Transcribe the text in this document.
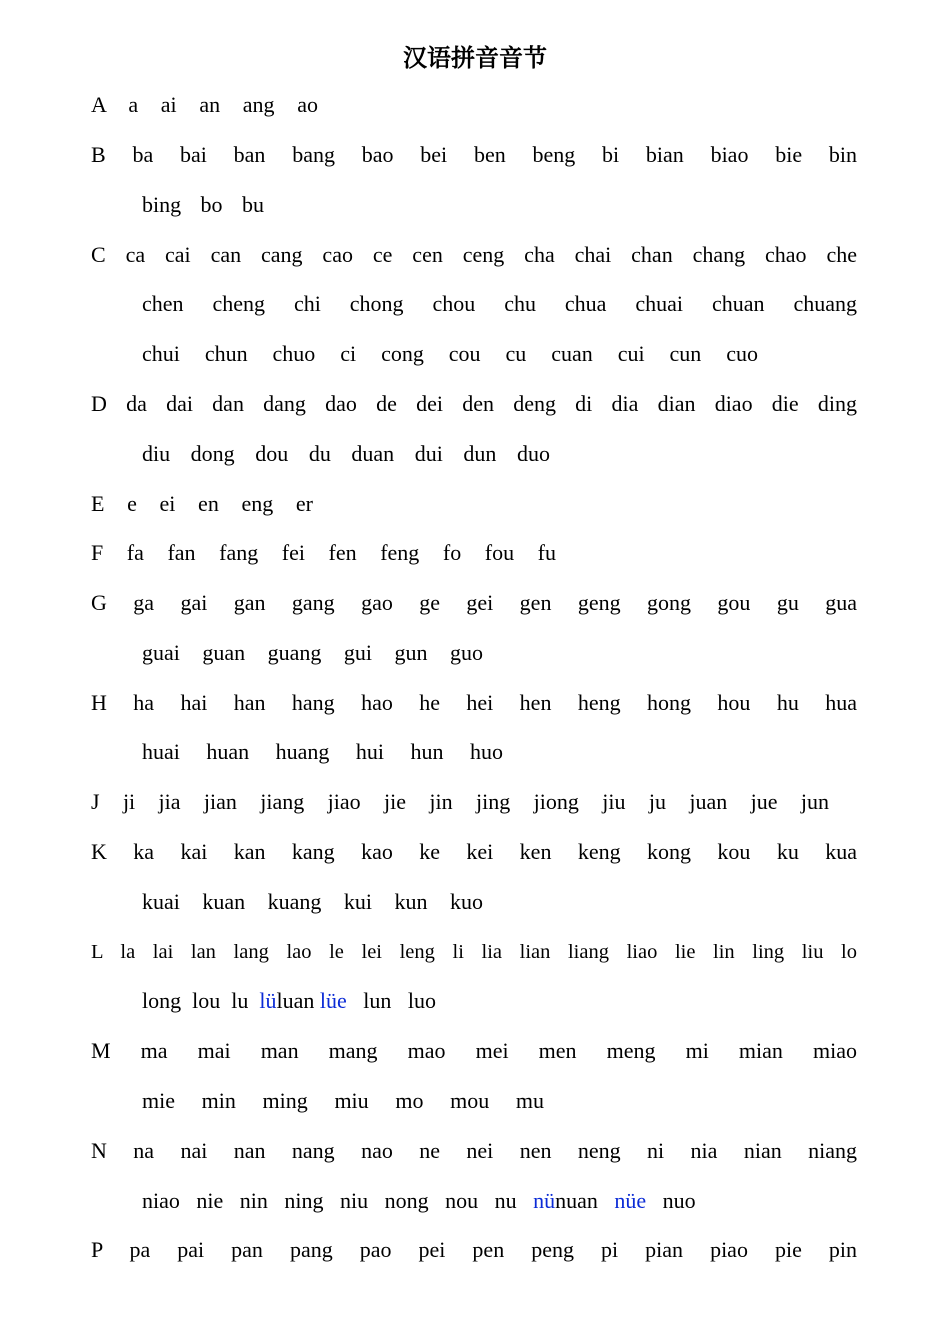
汉语拼音音节
A a ai an ang ao
B ba bai ban bang bao bei ben beng bi bian biao bie bin
bing bo bu
C ca cai can cang cao ce cen ceng cha chai chan chang chao che
chen cheng chi chong chou chu chua chuai chuan chuang
chui chun chuo ci cong cou cu cuan cui cun cuo
D da dai dan dang dao de dei den deng di dia dian diao die ding
diu dong dou du duan dui dun duo
E e ei en eng er
F fa fan fang fei fen feng fo fou fu
G ga gai gan gang gao ge gei gen geng gong gou gu gua
guai guan guang gui gun guo
H ha hai han hang hao he hei hen heng hong hou hu hua
huai huan huang hui hun huo
J ji jia jian jiang jiao jie jin jing jiong jiu ju juan jue jun
K ka kai kan kang kao ke kei ken keng kong kou ku kua
kuai kuan kuang kui kun kuo
L la lai lan lang lao le lei leng li lia lian liang liao lie lin ling liu lo
long  lou  lu  lüluan lüe   lun   luo
M ma mai man mang mao mei men meng mi mian miao
mie min ming miu mo mou mu
N na nai nan nang nao ne nei nen neng ni nia nian niang
niao   nie   nin   ning   niu   nong   nou   nu   nünuan   nüe   nuo
P pa pai pan pang pao pei pen peng pi pian piao pie pin
